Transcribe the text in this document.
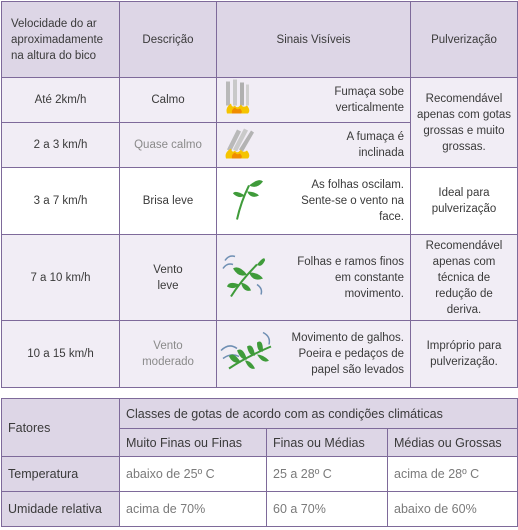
Velocidade do ar aproximadamente na altura do bico	Descrição	Sinais Visíveis	Pulverização
Até 2km/h	Calmo	Fumaça sobe verticalmente	Recomendável apenas com gotas grossas e muito grossas.
2 a 3 km/h	Quase calmo	A fumaça é inclinada	

3 a 7 km/h	Brisa leve	As folhas oscilam. Sente-se o vento na face.	Ideal para pulverização
7 a 10 km/h	Vento leve	Folhas e ramos finos em constante movimento.	Recomendável apenas com técnica de redução de deriva.
10 a 15 km/h	Vento moderado	Movimento de galhos. Poeira e pedaços de papel são levados	Impróprio para pulverização.
Fatores	Classes de gotas de acordo com as condições climáticas		
	Muito Finas ou Finas	Finas ou Médias	Médias ou Grossas
Temperatura	abaixo de 25º C	25 a 28º C	acima de 28º C
Umidade relativa	acima de 70%	60 a 70%	abaixo de 60%
